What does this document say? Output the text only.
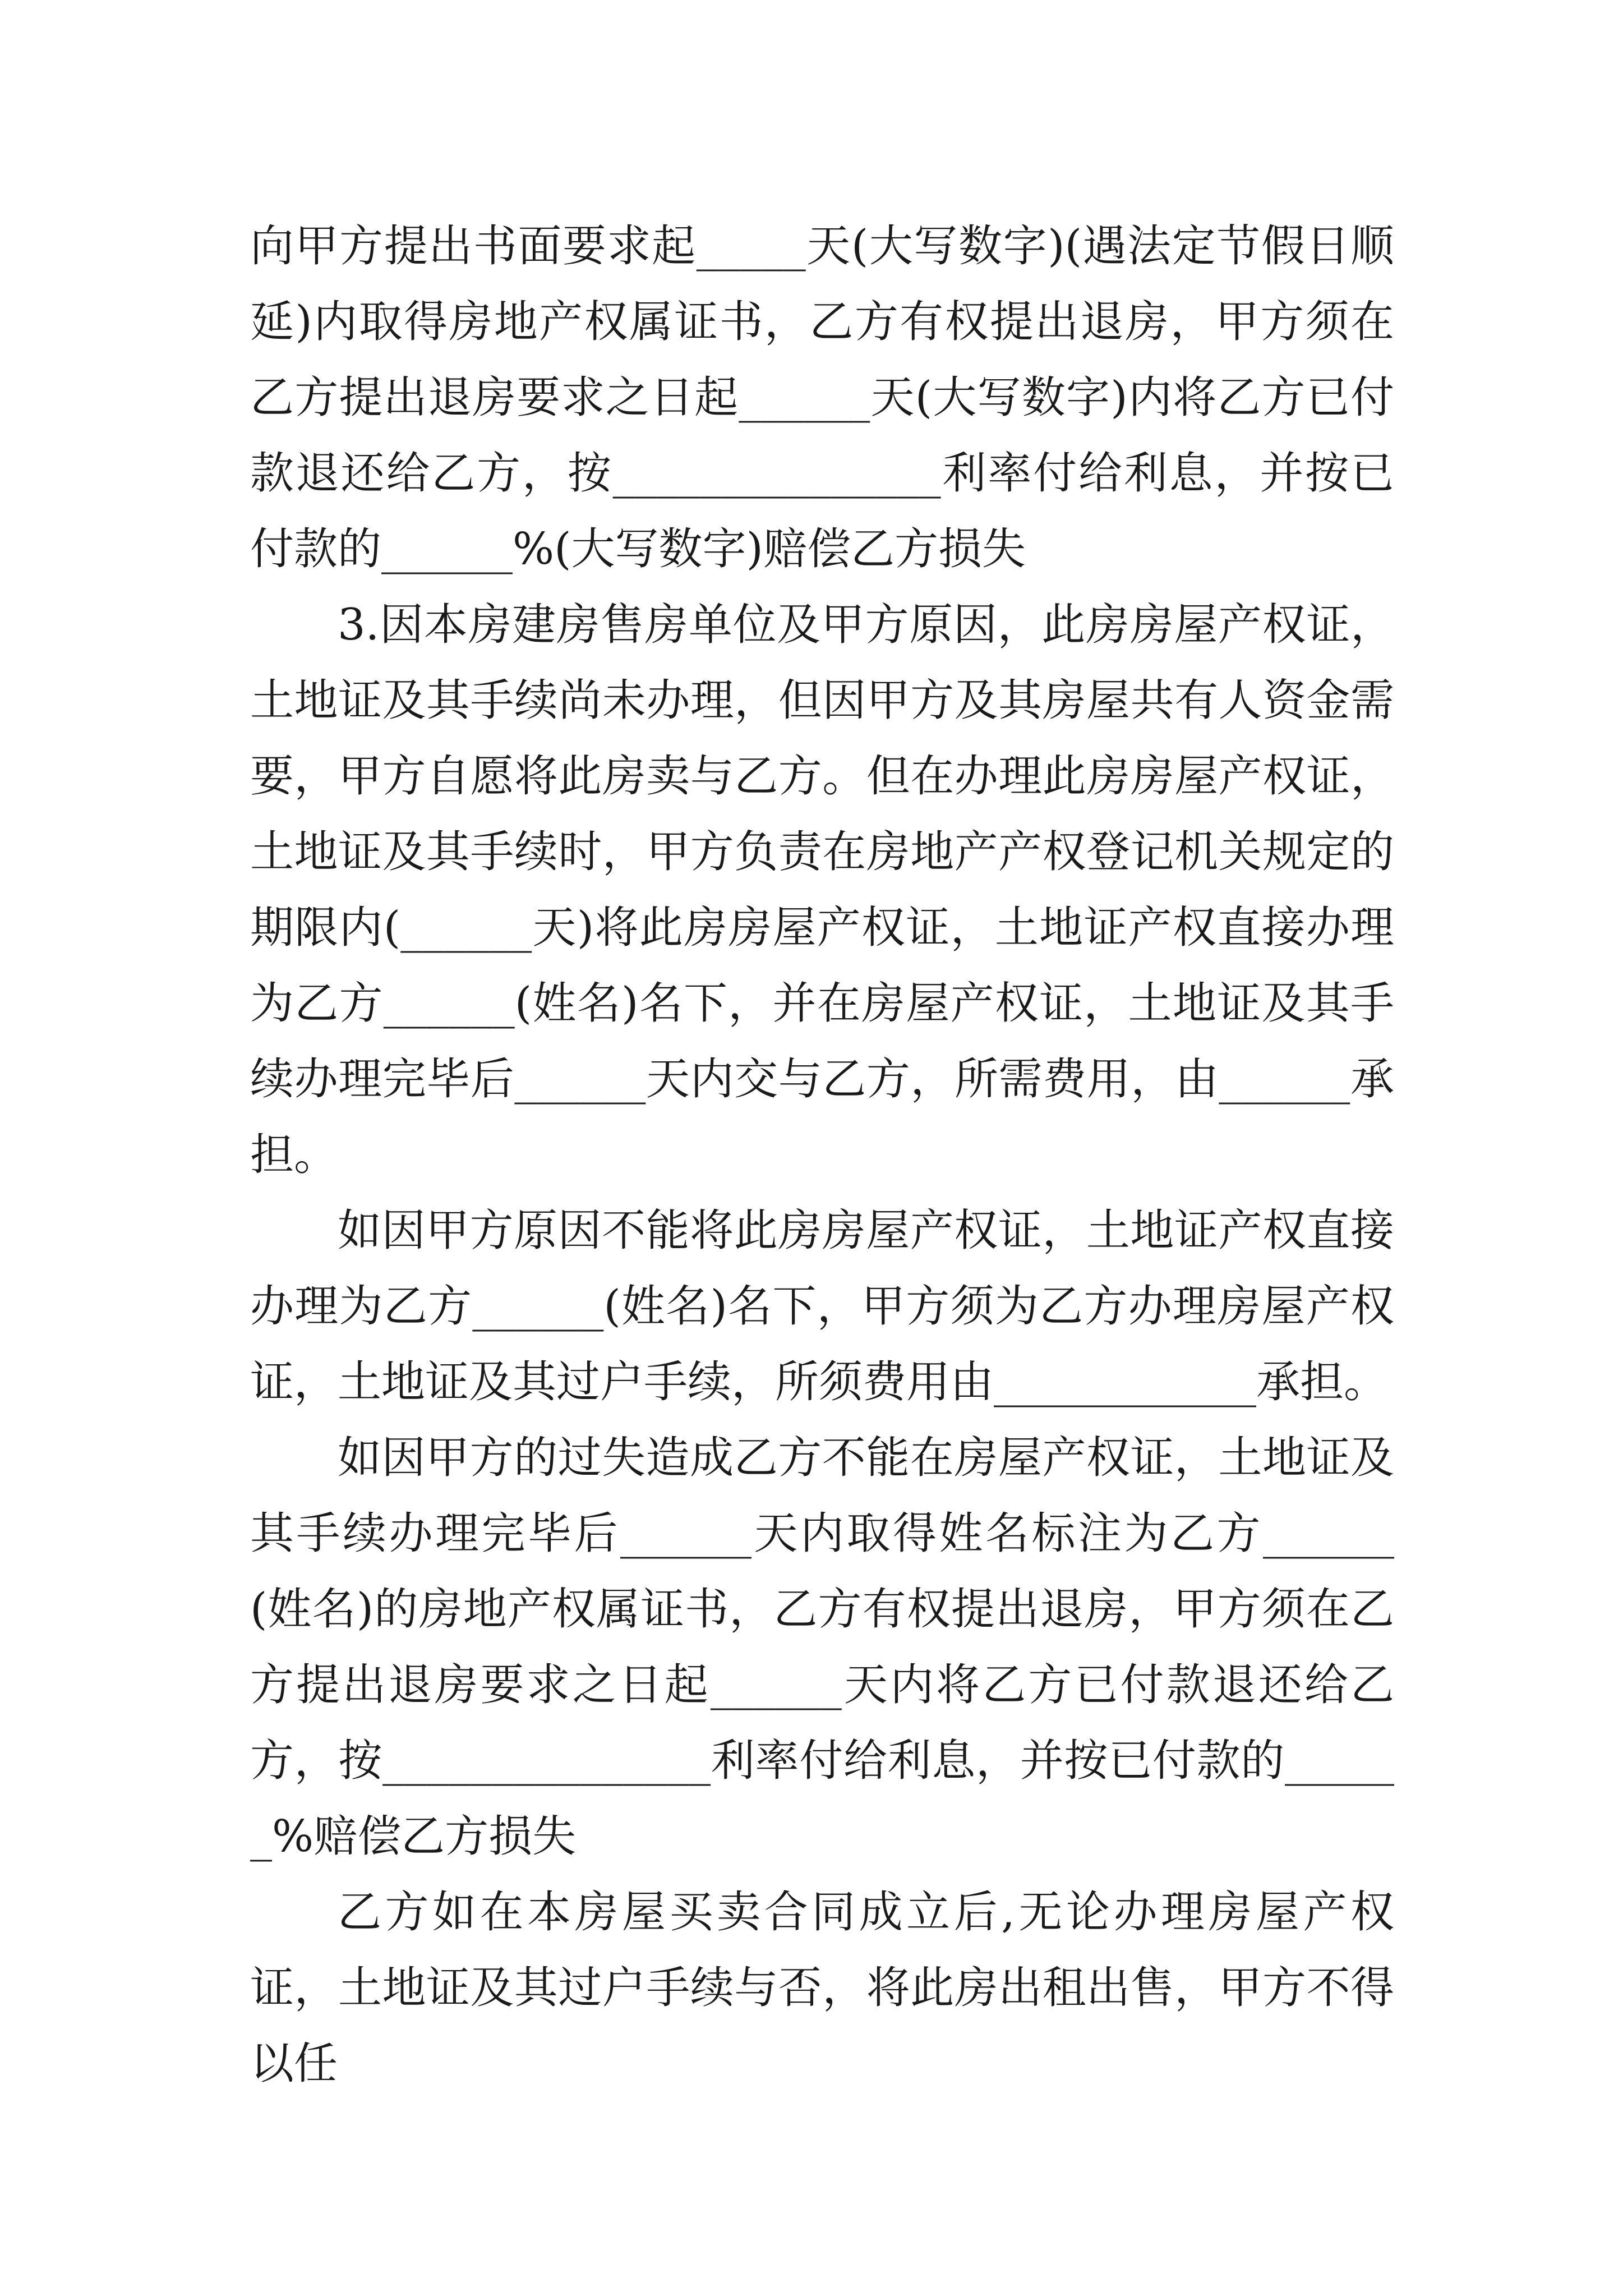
向甲方提出书面要求起_____天(大写数字)(遇法定节假日顺延)内取得房地产权属证书，乙方有权提出退房，甲方须在乙方提出退房要求之日起______天(大写数字)内将乙方已付款退还给乙方，按_______________利率付给利息，并按已付款的______%(大写数字)赔偿乙方损失

3.因本房建房售房单位及甲方原因，此房房屋产权证，土地证及其手续尚未办理，但因甲方及其房屋共有人资金需要，甲方自愿将此房卖与乙方。但在办理此房房屋产权证，土地证及其手续时，甲方负责在房地产产权登记机关规定的期限内(______天)将此房房屋产权证，土地证产权直接办理为乙方______(姓名)名下，并在房屋产权证，土地证及其手续办理完毕后______天内交与乙方，所需费用，由______承担。

如因甲方原因不能将此房房屋产权证，土地证产权直接办理为乙方______(姓名)名下，甲方须为乙方办理房屋产权证，土地证及其过户手续，所须费用由____________承担。

如因甲方的过失造成乙方不能在房屋产权证，土地证及其手续办理完毕后______天内取得姓名标注为乙方______(姓名)的房地产权属证书，乙方有权提出退房，甲方须在乙方提出退房要求之日起______天内将乙方已付款退还给乙方，按_______________利率付给利息，并按已付款的______%赔偿乙方损失

乙方如在本房屋买卖合同成立后,无论办理房屋产权证，土地证及其过户手续与否，将此房出租出售，甲方不得以任
